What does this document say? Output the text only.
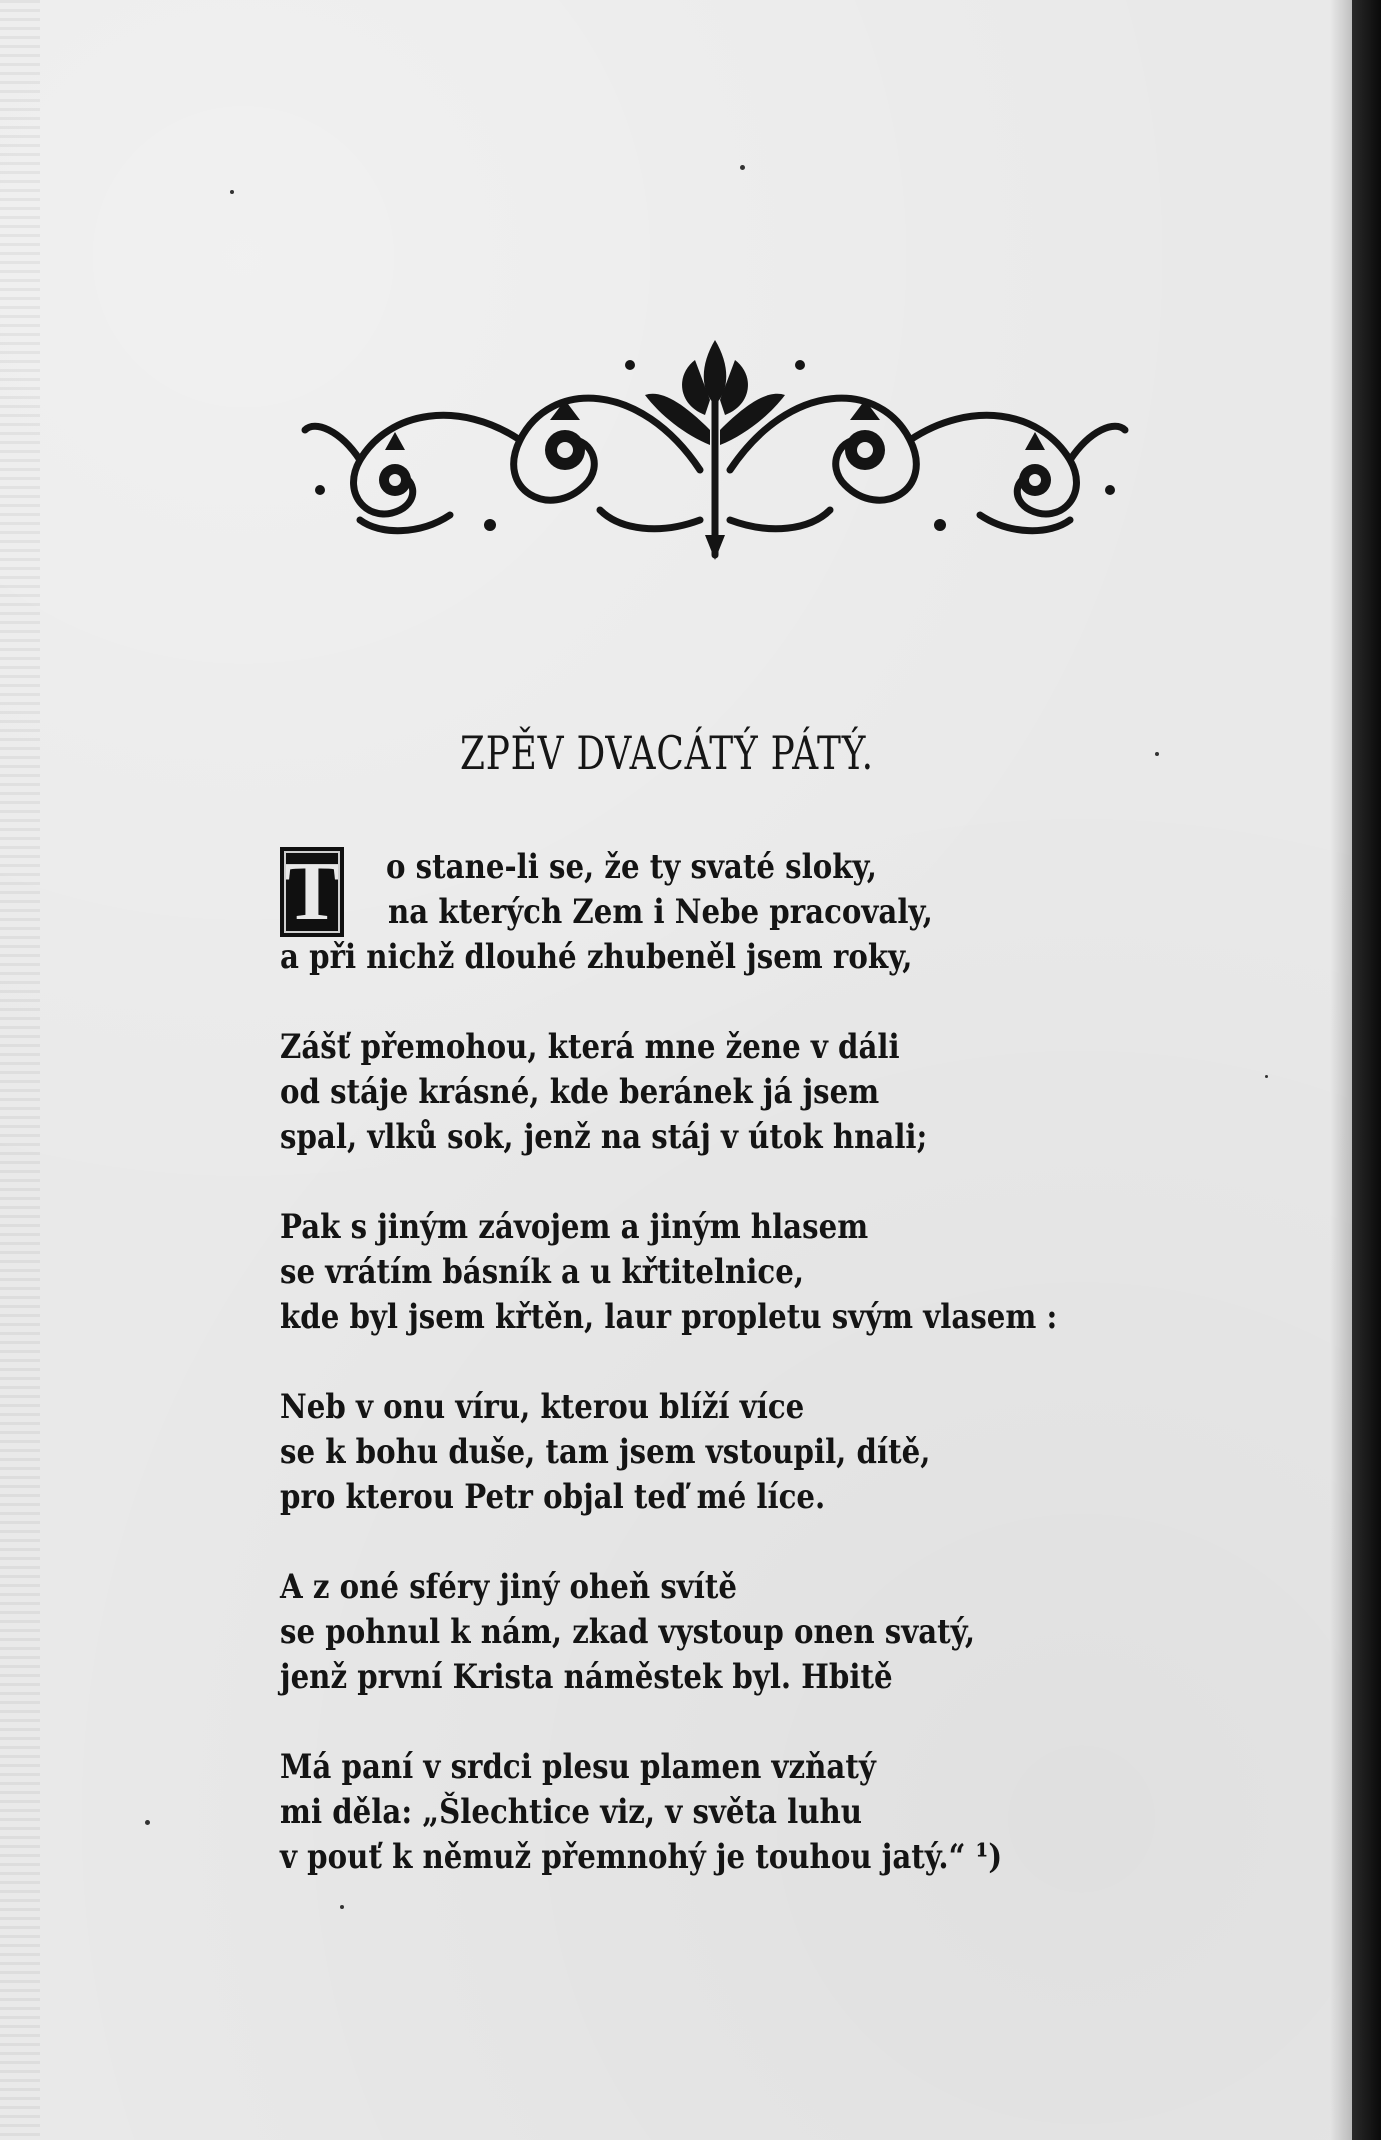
ZPĚV DVACÁTÝ PÁTÝ.
T o stane-li se, že ty svaté sloky,
na kterých Zem i Nebe pracovaly,
a při nichž dlouhé zhubeněl jsem roky,
Zášť přemohou, která mne žene v dáli
od stáje krásné, kde beránek já jsem
spal, vlků sok, jenž na stáj v útok hnali;
Pak s jiným závojem a jiným hlasem
se vrátím básník a u křtitelnice,
kde byl jsem křtěn, laur propletu svým vlasem :
Neb v onu víru, kterou blíží více
se k bohu duše, tam jsem vstoupil, dítě,
pro kterou Petr objal teď mé líce.
A z oné sféry jiný oheň svítě
se pohnul k nám, zkad vystoup onen svatý,
jenž první Krista náměstek byl. Hbitě
Má paní v srdci plesu plamen vzňatý
mi děla: „Šlechtice viz, v světa luhu
v pouť k němuž přemnohý je touhou jatý.“ ¹)
